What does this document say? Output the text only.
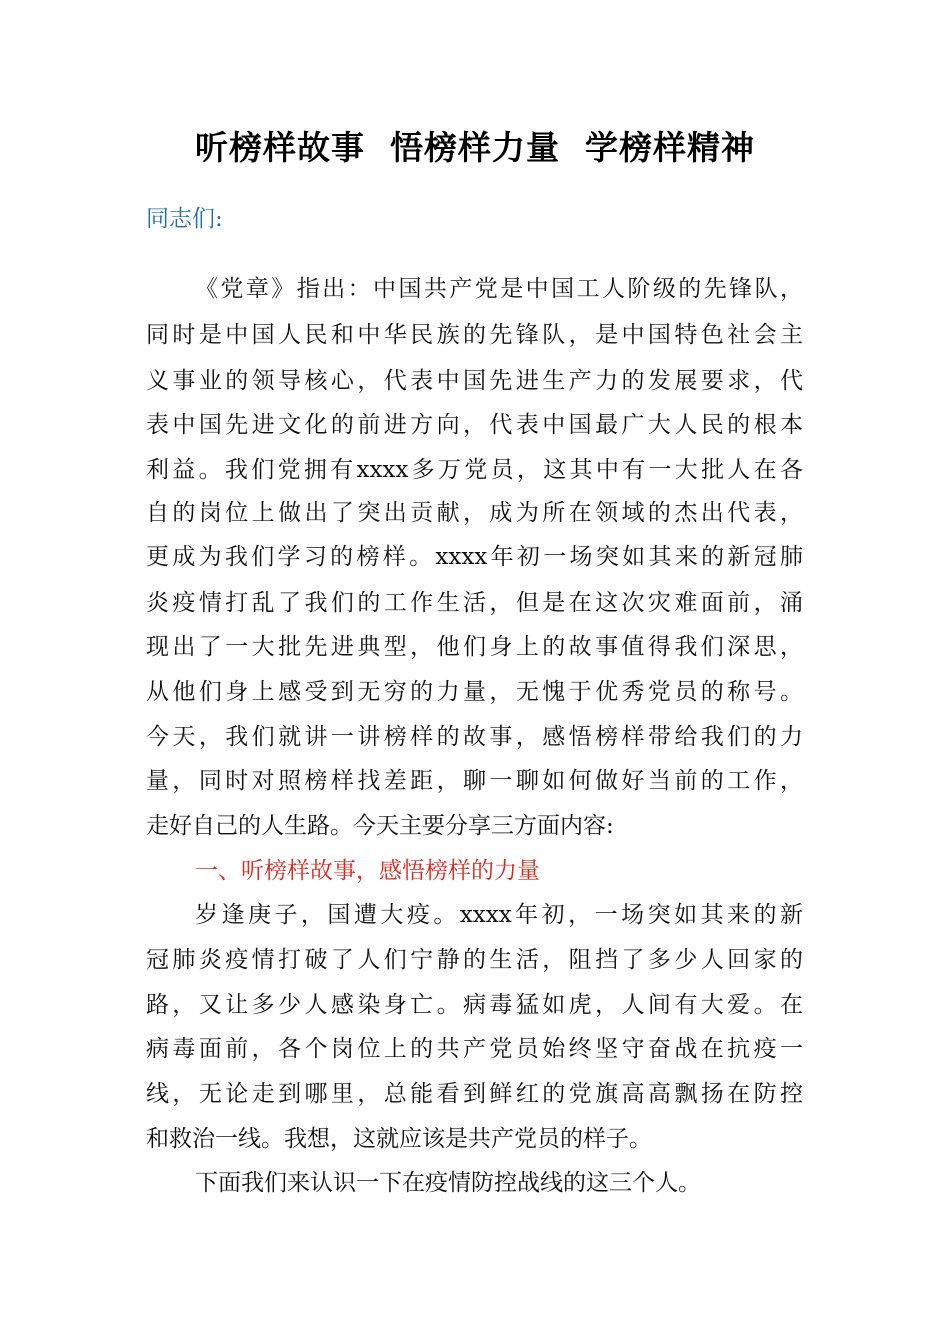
听榜样故事  悟榜样力量  学榜样精神
同志们:
《党章》指出：中国共产党是中国工人阶级的先锋队，
同时是中国人民和中华民族的先锋队，是中国特色社会主
义事业的领导核心，代表中国先进生产力的发展要求，代
表中国先进文化的前进方向，代表中国最广大人民的根本
利益。我们党拥有xxxx多万党员，这其中有一大批人在各
自的岗位上做出了突出贡献，成为所在领域的杰出代表，
更成为我们学习的榜样。xxxx年初一场突如其来的新冠肺
炎疫情打乱了我们的工作生活，但是在这次灾难面前，涌
现出了一大批先进典型，他们身上的故事值得我们深思，
从他们身上感受到无穷的力量，无愧于优秀党员的称号。
今天，我们就讲一讲榜样的故事，感悟榜样带给我们的力
量，同时对照榜样找差距，聊一聊如何做好当前的工作，
走好自己的人生路。今天主要分享三方面内容:
一、听榜样故事，感悟榜样的力量
岁逢庚子，国遭大疫。xxxx年初，一场突如其来的新
冠肺炎疫情打破了人们宁静的生活，阻挡了多少人回家的
路，又让多少人感染身亡。病毒猛如虎，人间有大爱。在
病毒面前，各个岗位上的共产党员始终坚守奋战在抗疫一
线，无论走到哪里，总能看到鲜红的党旗高高飘扬在防控
和救治一线。我想，这就应该是共产党员的样子。
下面我们来认识一下在疫情防控战线的这三个人。
